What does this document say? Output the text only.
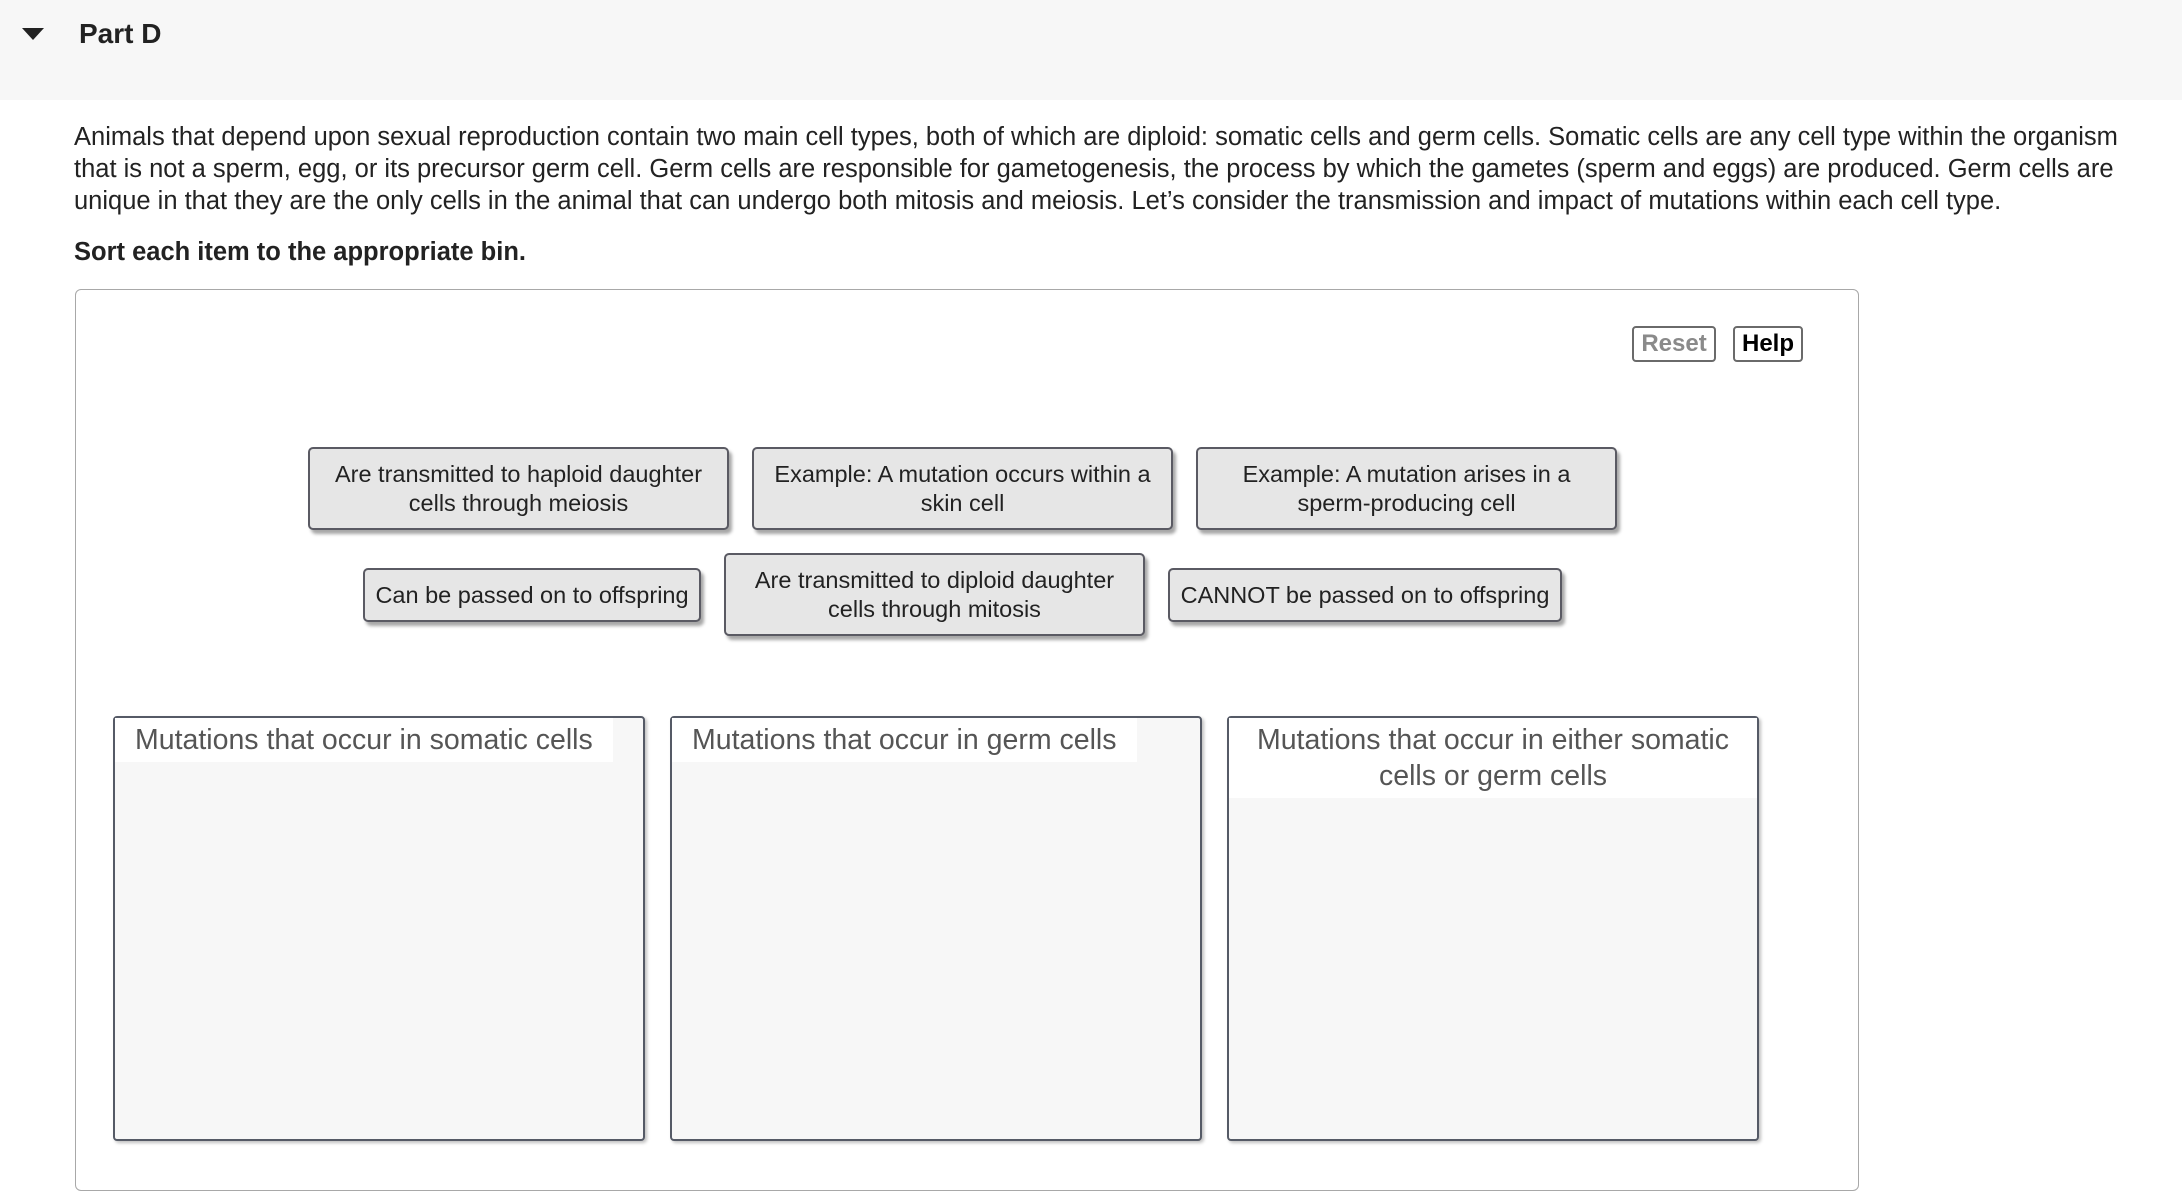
Part D
Animals that depend upon sexual reproduction contain two main cell types, both of which are diploid: somatic cells and germ cells. Somatic cells are any cell type within the organism that is not a sperm, egg, or its precursor germ cell. Germ cells are responsible for gametogenesis, the process by which the gametes (sperm and eggs) are produced. Germ cells are unique in that they are the only cells in the animal that can undergo both mitosis and meiosis. Let’s consider the transmission and impact of mutations within each cell type.
Sort each item to the appropriate bin.
Reset	Help
Are transmitted to haploid daughter cells through meiosis
Example: A mutation occurs within a skin cell
Example: A mutation arises in a sperm-producing cell
Can be passed on to offspring
Are transmitted to diploid daughter cells through mitosis
CANNOT be passed on to offspring
Mutations that occur in somatic cells	Mutations that occur in germ cells	Mutations that occur in either somatic cells or germ cells
